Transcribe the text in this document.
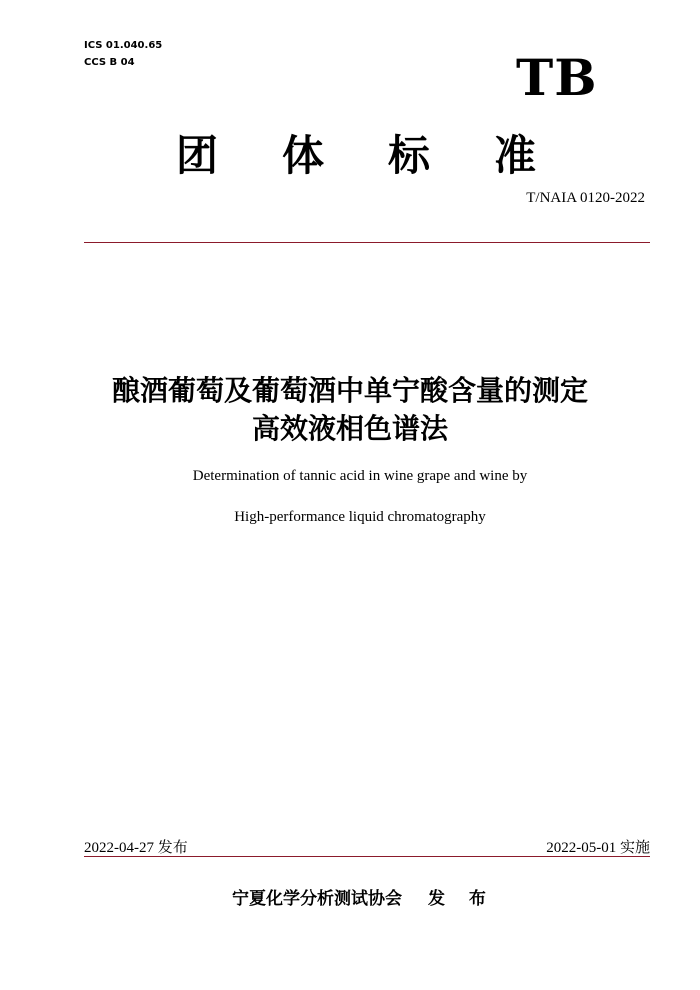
ICS 01.040.65
CCS B 04	TB
团 体 标 准
T/NAIA 0120-2022
酿酒葡萄及葡萄酒中单宁酸含量的测定
高效液相色谱法
Determination of tannic acid in wine grape and wine by
High-performance liquid chromatography
2022-04-27 发布	2022-05-01 实施
宁夏化学分析测试协会 发 布
